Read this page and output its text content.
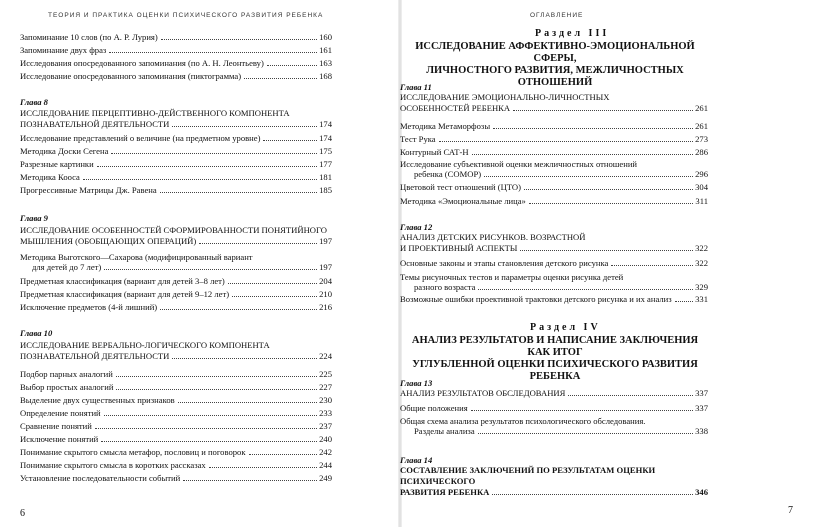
ТЕОРИЯ И ПРАКТИКА ОЦЕНКИ ПСИХИЧЕСКОГО РАЗВИТИЯ РЕБЕНКА
Запоминание 10 слов (по А. Р. Лурия)	160
Запоминание двух фраз	161
Исследования опосредованного запоминания (по А. Н. Леонтьеву)	163
Исследование опосредованного запоминания (пиктограмма)	168
Глава 8
ИССЛЕДОВАНИЕ ПЕРЦЕПТИВНО-ДЕЙСТВЕННОГО КОМПОНЕНТА
ПОЗНАВАТЕЛЬНОЙ ДЕЯТЕЛЬНОСТИ	174
Исследование представлений о величине (на предметном уровне)	174
Методика Доски Сегена	175
Разрезные картинки	177
Методика Кооса	181
Прогрессивные Матрицы Дж. Равена	185
Глава 9
ИССЛЕДОВАНИЕ ОСОБЕННОСТЕЙ СФОРМИРОВАННОСТИ ПОНЯТИЙНОГО
МЫШЛЕНИЯ (ОБОБЩАЮЩИХ ОПЕРАЦИЙ)	197
Методика Выготского—Сахарова (модифицированный вариант
для детей до 7 лет)	197
Предметная классификация (вариант для детей 3–8 лет)	204
Предметная классификация (вариант для детей 9–12 лет)	210
Исключение предметов (4-й лишний)	216
Глава 10
ИССЛЕДОВАНИЕ ВЕРБАЛЬНО-ЛОГИЧЕСКОГО КОМПОНЕНТА
ПОЗНАВАТЕЛЬНОЙ ДЕЯТЕЛЬНОСТИ	224
Подбор парных аналогий	225
Выбор простых аналогий	227
Выделение двух существенных признаков	230
Определение понятий	233
Сравнение понятий	237
Исключение понятий	240
Понимание скрытого смысла метафор, пословиц и поговорок	242
Понимание скрытого смысла в коротких рассказах	244
Установление последовательности событий	249
6
ОГЛАВЛЕНИЕ
Раздел III
ИССЛЕДОВАНИЕ АФФЕКТИВНО-ЭМОЦИОНАЛЬНОЙ СФЕРЫ,
ЛИЧНОСТНОГО РАЗВИТИЯ, МЕЖЛИЧНОСТНЫХ ОТНОШЕНИЙ
Глава 11
ИССЛЕДОВАНИЕ ЭМОЦИОНАЛЬНО-ЛИЧНОСТНЫХ
ОСОБЕННОСТЕЙ РЕБЕНКА	261
Методика Метаморфозы	261
Тест Рука	273
Контурный САТ-Н	286
Исследование субъективной оценки межличностных отношений
ребенка (СОМОР)	296
Цветовой тест отношений (ЦТО)	304
Методика «Эмоциональные лица»	311
Глава 12
АНАЛИЗ ДЕТСКИХ РИСУНКОВ. ВОЗРАСТНОЙ
И ПРОЕКТИВНЫЙ АСПЕКТЫ	322
Основные законы и этапы становления детского рисунка	322
Темы рисуночных тестов и параметры оценки рисунка детей
разного возраста	329
Возможные ошибки проективной трактовки детского рисунка и их анализ	331
Раздел IV
АНАЛИЗ РЕЗУЛЬТАТОВ И НАПИСАНИЕ ЗАКЛЮЧЕНИЯ КАК ИТОГ
УГЛУБЛЕННОЙ ОЦЕНКИ ПСИХИЧЕСКОГО РАЗВИТИЯ РЕБЕНКА
Глава 13
АНАЛИЗ РЕЗУЛЬТАТОВ ОБСЛЕДОВАНИЯ	337
Общие положения	337
Общая схема анализа результатов психологического обследования.
Разделы анализа	338
Глава 14
СОСТАВЛЕНИЕ ЗАКЛЮЧЕНИЙ ПО РЕЗУЛЬТАТАМ ОЦЕНКИ ПСИХИЧЕСКОГО
РАЗВИТИЯ РЕБЕНКА	346
7
